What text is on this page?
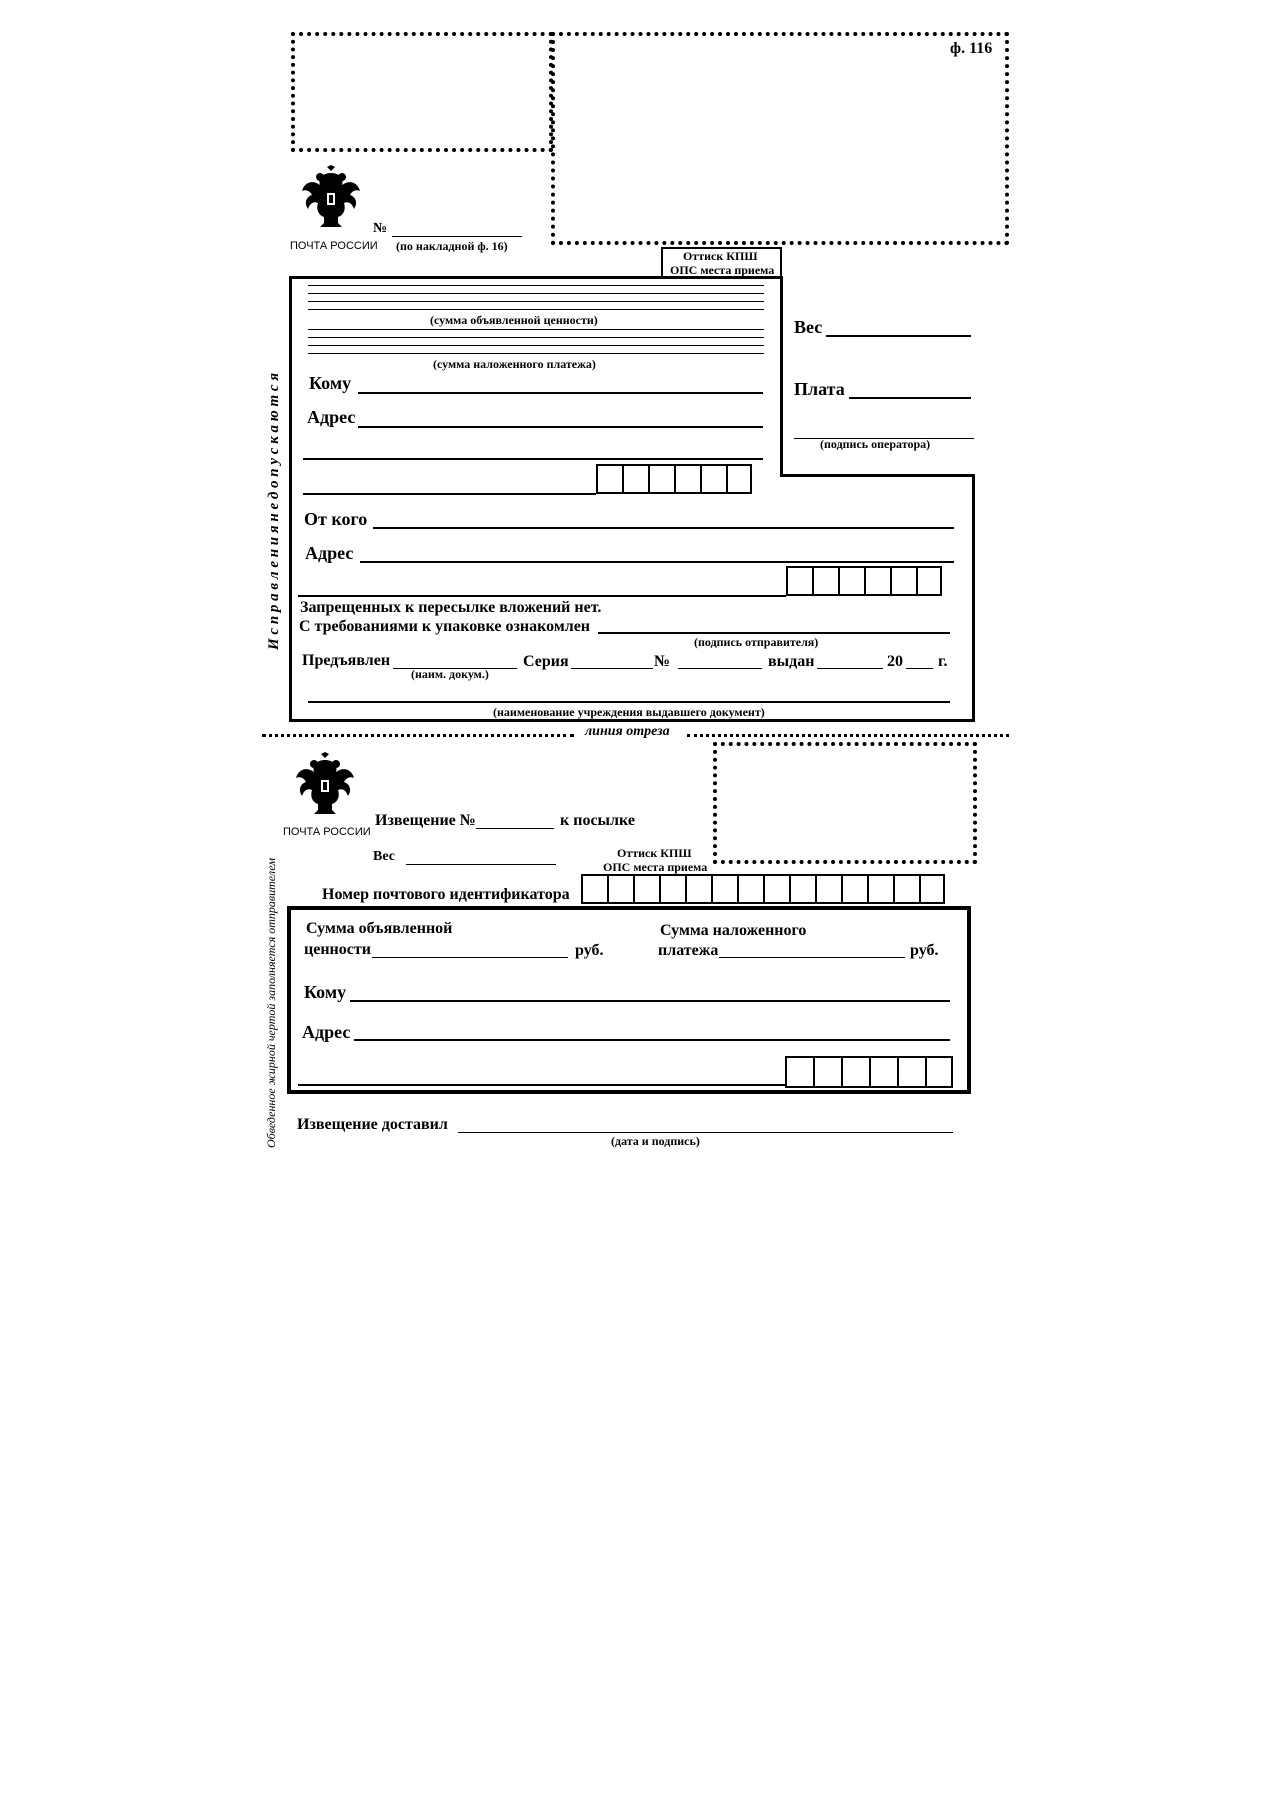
ф. 116
ПОЧТА РОССИИ
№
(по накладной ф. 16)
Оттиск КПШ
ОПС места приема
И с п р а в л е н и я н е д о п у с к а ю т с я
(сумма объявленной ценности)
(сумма наложенного платежа)
Кому
Адрес
Вес
Плата
(подпись оператора)
От кого
Адрес
Запрещенных к пересылке вложений нет.
С требованиями к упаковке ознакомлен
(подпись отправителя)
Предъявлен
(наим. докум.)
Серия	№	выдан	20 г.
(наименование учреждения выдавшего документ)
линия отреза
Обведенное жирной чертой заполняется отправителем
ПОЧТА РОССИИ
Извещение №	к посылке
Вес	Оттиск КПШ
ОПС места приема
Номер почтового идентификатора
Сумма объявленной
ценности	руб.
Сумма наложенного
платежа	руб.
Кому
Адрес
Извещение доставил
(дата и подпись)
